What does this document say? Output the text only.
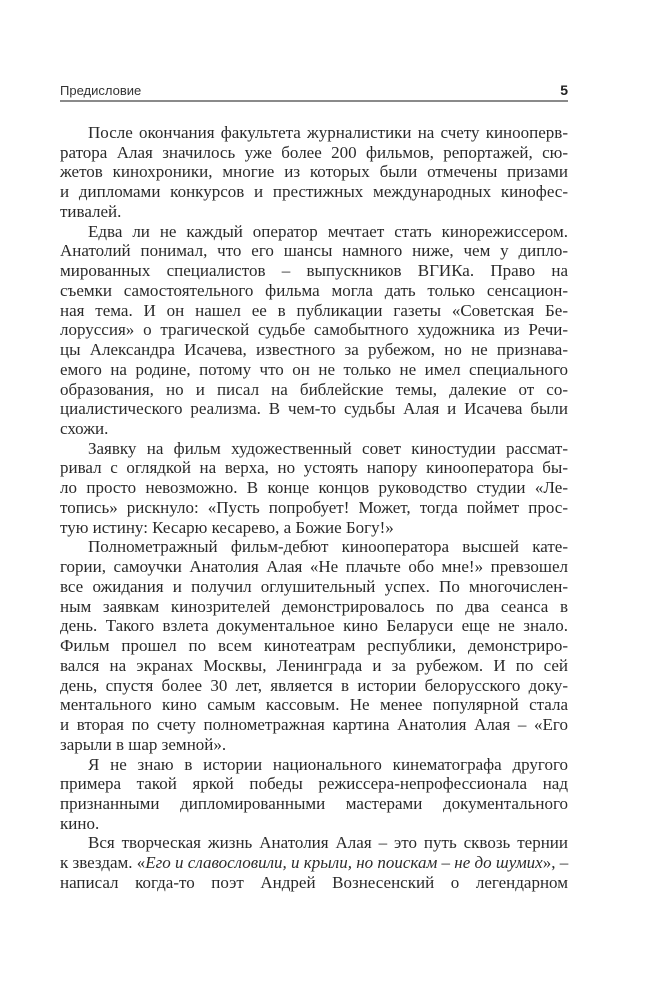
Предисловие	5
После окончания факультета журналистики на счету кинооперв-
ратора Алая значилось уже более 200 фильмов, репортажей, сю-
жетов кинохроники, многие из которых были отмечены призами
и дипломами конкурсов и престижных международных кинофес-
тивалей.
Едва ли не каждый оператор мечтает стать кинорежиссером.
Анатолий понимал, что его шансы намного ниже, чем у дипло-
мированных специалистов – выпускников ВГИКа. Право на
съемки самостоятельного фильма могла дать только сенсацион-
ная тема. И он нашел ее в публикации газеты «Советская Бе-
лоруссия» о трагической судьбе самобытного художника из Речи-
цы Александра Исачева, известного за рубежом, но не признава-
емого на родине, потому что он не только не имел специального
образования, но и писал на библейские темы, далекие от со-
циалистического реализма. В чем-то судьбы Алая и Исачева были
схожи.
Заявку на фильм художественный совет киностудии рассмат-
ривал с оглядкой на верха, но устоять напору кинооператора бы-
ло просто невозможно. В конце концов руководство студии «Ле-
топись» рискнуло: «Пусть попробует! Может, тогда поймет прос-
тую истину: Кесарю кесарево, а Божие Богу!»
Полнометражный фильм-дебют кинооператора высшей кате-
гории, самоучки Анатолия Алая «Не плачьте обо мне!» превзошел
все ожидания и получил оглушительный успех. По многочислен-
ным заявкам кинозрителей демонстрировалось по два сеанса в
день. Такого взлета документальное кино Беларуси еще не знало.
Фильм прошел по всем кинотеатрам республики, демонстриро-
вался на экранах Москвы, Ленинграда и за рубежом. И по сей
день, спустя более 30 лет, является в истории белорусского доку-
ментального кино самым кассовым. Не менее популярной стала
и вторая по счету полнометражная картина Анатолия Алая – «Его
зарыли в шар земной».
Я не знаю в истории национального кинематографа другого
примера такой яркой победы режиссера-непрофессионала над
признанными дипломированными мастерами документального
кино.
Вся творческая жизнь Анатолия Алая – это путь сквозь тернии
к звездам. «Его и славословили, и крыли, но поискам – не до шумих», –
написал когда-то поэт Андрей Вознесенский о легендарном
